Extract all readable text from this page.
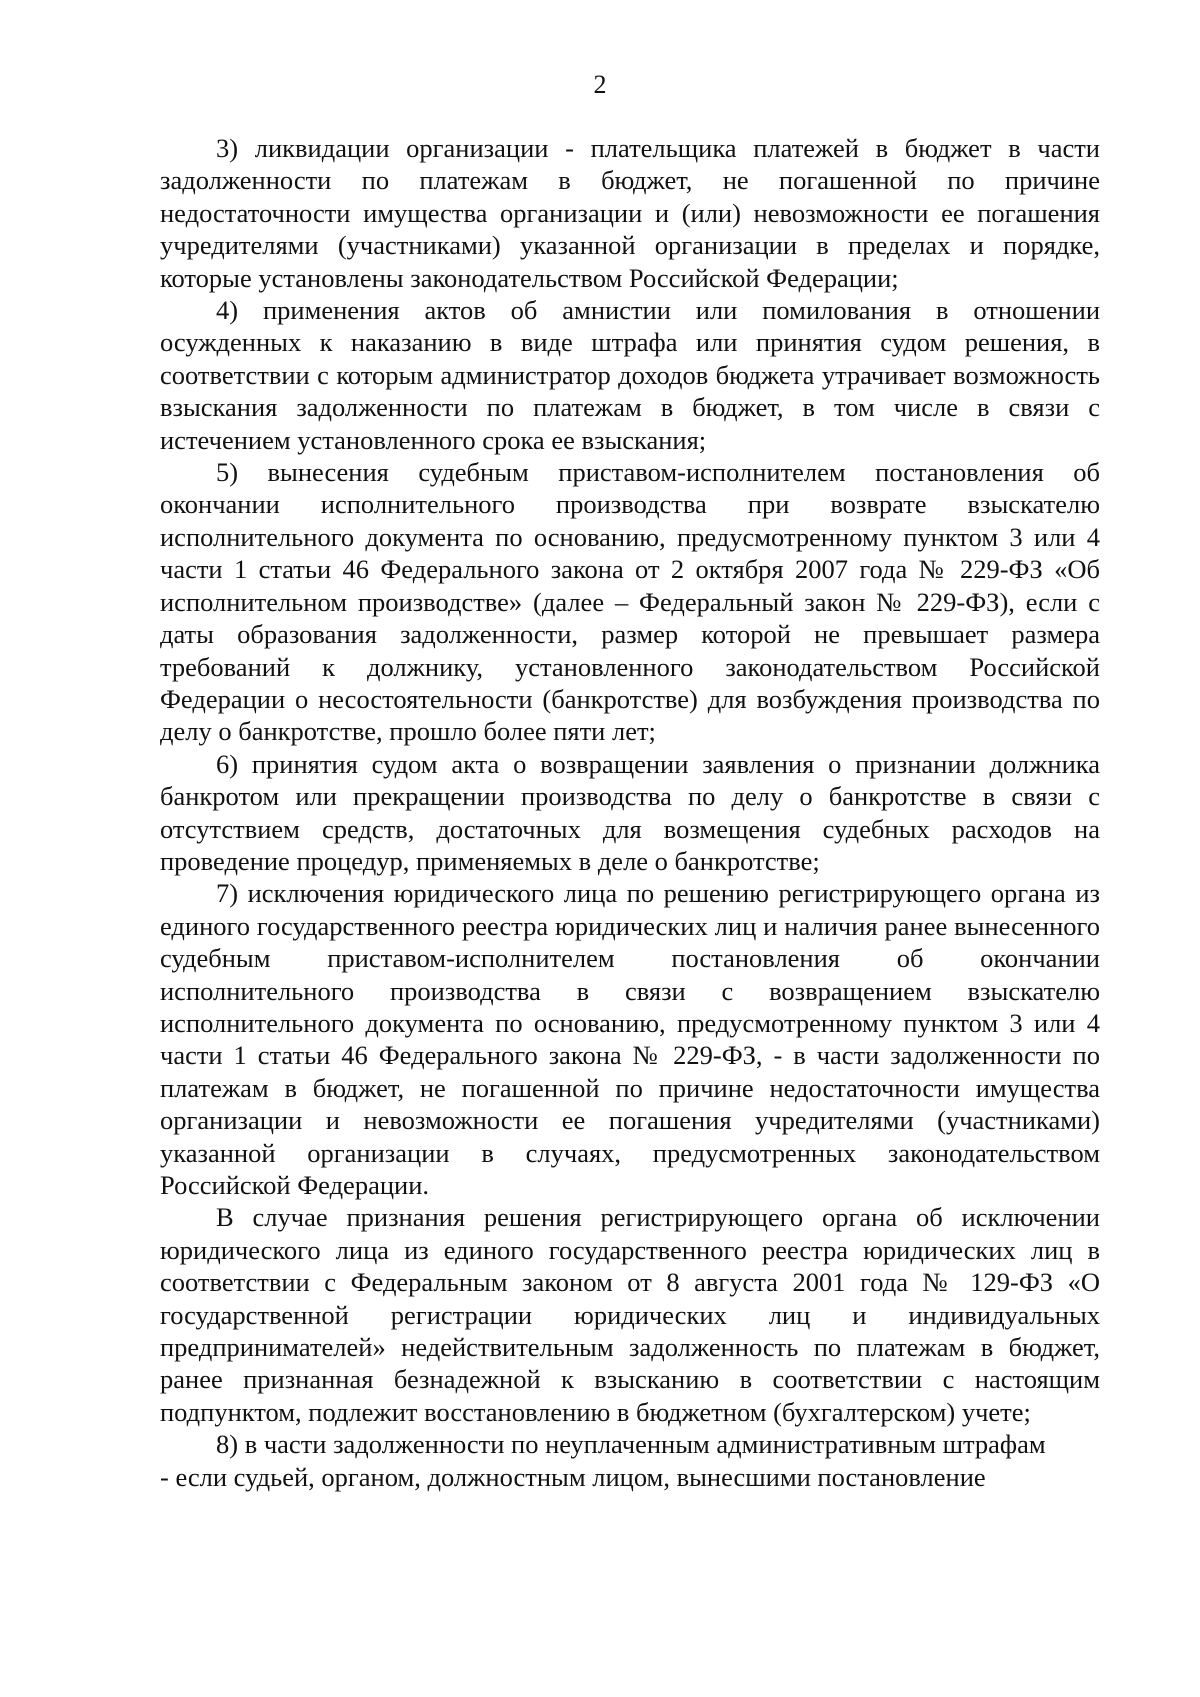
2

3) ликвидации организации - плательщика платежей в бюджет в части задолженности по платежам в бюджет, не погашенной по причине недостаточности имущества организации и (или) невозможности ее погашения учредителями (участниками) указанной организации в пределах и порядке, которые установлены законодательством Российской Федерации;

4) применения актов об амнистии или помилования в отношении осужденных к наказанию в виде штрафа или принятия судом решения, в соответствии с которым администратор доходов бюджета утрачивает возможность взыскания задолженности по платежам в бюджет, в том числе в связи с истечением установленного срока ее взыскания;

5) вынесения судебным приставом-исполнителем постановления об окончании исполнительного производства при возврате взыскателю исполнительного документа по основанию, предусмотренному пунктом 3 или 4 части 1 статьи 46 Федерального закона от 2 октября 2007 года № 229-ФЗ «Об исполнительном производстве» (далее – Федеральный закон № 229-ФЗ), если с даты образования задолженности, размер которой не превышает размера требований к должнику, установленного законодательством Российской Федерации о несостоятельности (банкротстве) для возбуждения производства по делу о банкротстве, прошло более пяти лет;

6) принятия судом акта о возвращении заявления о признании должника банкротом или прекращении производства по делу о банкротстве в связи с отсутствием средств, достаточных для возмещения судебных расходов на проведение процедур, применяемых в деле о банкротстве;

7) исключения юридического лица по решению регистрирующего органа из единого государственного реестра юридических лиц и наличия ранее вынесенного судебным приставом-исполнителем постановления об окончании исполнительного производства в связи с возвращением взыскателю исполнительного документа по основанию, предусмотренному пунктом 3 или 4 части 1 статьи 46 Федерального закона № 229-ФЗ, - в части задолженности по платежам в бюджет, не погашенной по причине недостаточности имущества организации и невозможности ее погашения учредителями (участниками) указанной организации в случаях, предусмотренных законодательством Российской Федерации.

В случае признания решения регистрирующего органа об исключении юридического лица из единого государственного реестра юридических лиц в соответствии с Федеральным законом от 8 августа 2001 года № 129-ФЗ «О государственной регистрации юридических лиц и индивидуальных предпринимателей» недействительным задолженность по платежам в бюджет, ранее признанная безнадежной к взысканию в соответствии с настоящим подпунктом, подлежит восстановлению в бюджетном (бухгалтерском) учете;

8) в части задолженности по неуплаченным административным штрафам

- если судьей, органом, должностным лицом, вынесшими постановление
